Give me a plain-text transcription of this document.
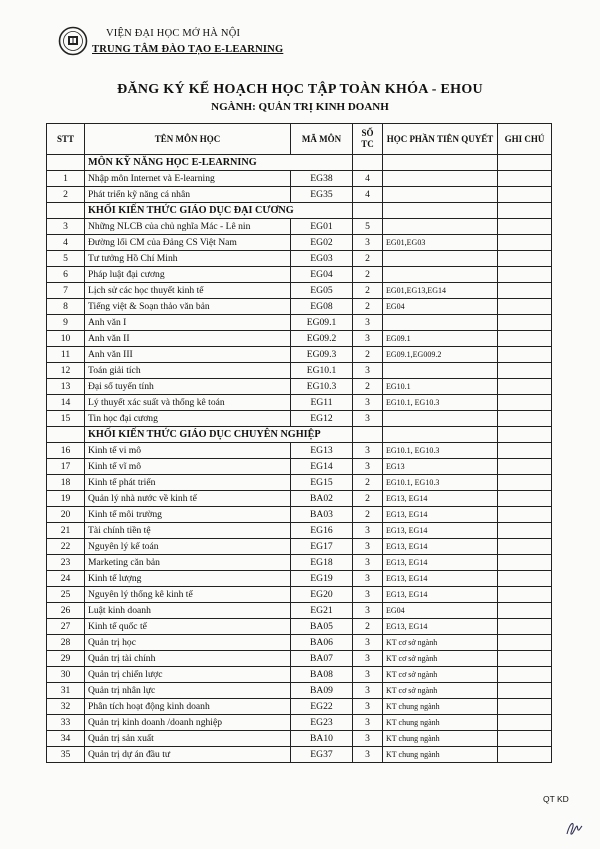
VIỆN ĐẠI HỌC MỞ HÀ NỘI
TRUNG TÂM ĐÀO TẠO E-LEARNING
ĐĂNG KÝ KẾ HOẠCH HỌC TẬP TOÀN KHÓA - EHOU
NGÀNH: QUẢN TRỊ KINH DOANH
STT	TÊN MÔN HỌC	MÃ MÔN	SỐ TC	HỌC PHẦN TIÊN QUYẾT	GHI CHÚ
	MÔN KỸ NĂNG HỌC E-LEARNING				
1	Nhập môn Internet và E-learning	EG38	4		
2	Phát triển kỹ năng cá nhân	EG35	4		
	KHỐI KIẾN THỨC GIÁO DỤC ĐẠI CƯƠNG				
3	Những NLCB của chủ nghĩa Mác - Lê nin	EG01	5		
4	Đường lối CM của Đảng CS Việt Nam	EG02	3	EG01,EG03	
5	Tư tưởng Hồ Chí Minh	EG03	2		
6	Pháp luật đại cương	EG04	2		
7	Lịch sử các học thuyết kinh tế	EG05	2	EG01,EG13,EG14	
8	Tiếng việt & Soạn thảo văn bản	EG08	2	EG04	
9	Anh văn I	EG09.1	3		
10	Anh văn II	EG09.2	3	EG09.1	
11	Anh văn III	EG09.3	2	EG09.1,EG009.2	
12	Toán giải tích	EG10.1	3		
13	Đại số tuyến tính	EG10.3	2	EG10.1	
14	Lý thuyết xác suất và thống kê toán	EG11	3	EG10.1, EG10.3	
15	Tin học đại cương	EG12	3		
	KHỐI KIẾN THỨC GIÁO DỤC CHUYÊN NGHIỆP				
16	Kinh tế vi mô	EG13	3	EG10.1, EG10.3	
17	Kinh tế vĩ mô	EG14	3	EG13	
18	Kinh tế phát triển	EG15	2	EG10.1, EG10.3	
19	Quản lý nhà nước về kinh tế	BA02	2	EG13, EG14	
20	Kinh tế môi trường	BA03	2	EG13, EG14	
21	Tài chính tiền tệ	EG16	3	EG13, EG14	
22	Nguyên lý kế toán	EG17	3	EG13, EG14	
23	Marketing căn bản	EG18	3	EG13, EG14	
24	Kinh tế lượng	EG19	3	EG13, EG14	
25	Nguyên lý thống kê kinh tế	EG20	3	EG13, EG14	
26	Luật kinh doanh	EG21	3	EG04	
27	Kinh tế quốc tế	BA05	2	EG13, EG14	
28	Quản trị học	BA06	3	KT cơ sở ngành	
29	Quản trị tài chính	BA07	3	KT cơ sở ngành	
30	Quản trị chiến lược	BA08	3	KT cơ sở ngành	
31	Quản trị nhân lực	BA09	3	KT cơ sở ngành	
32	Phân tích hoạt động kinh doanh	EG22	3	KT chung ngành	
33	Quản trị kinh doanh /doanh nghiệp	EG23	3	KT chung ngành	
34	Quản trị sản xuất	BA10	3	KT chung ngành	
35	Quản trị dự án đầu tư	EG37	3	KT chung ngành	
QT KD
